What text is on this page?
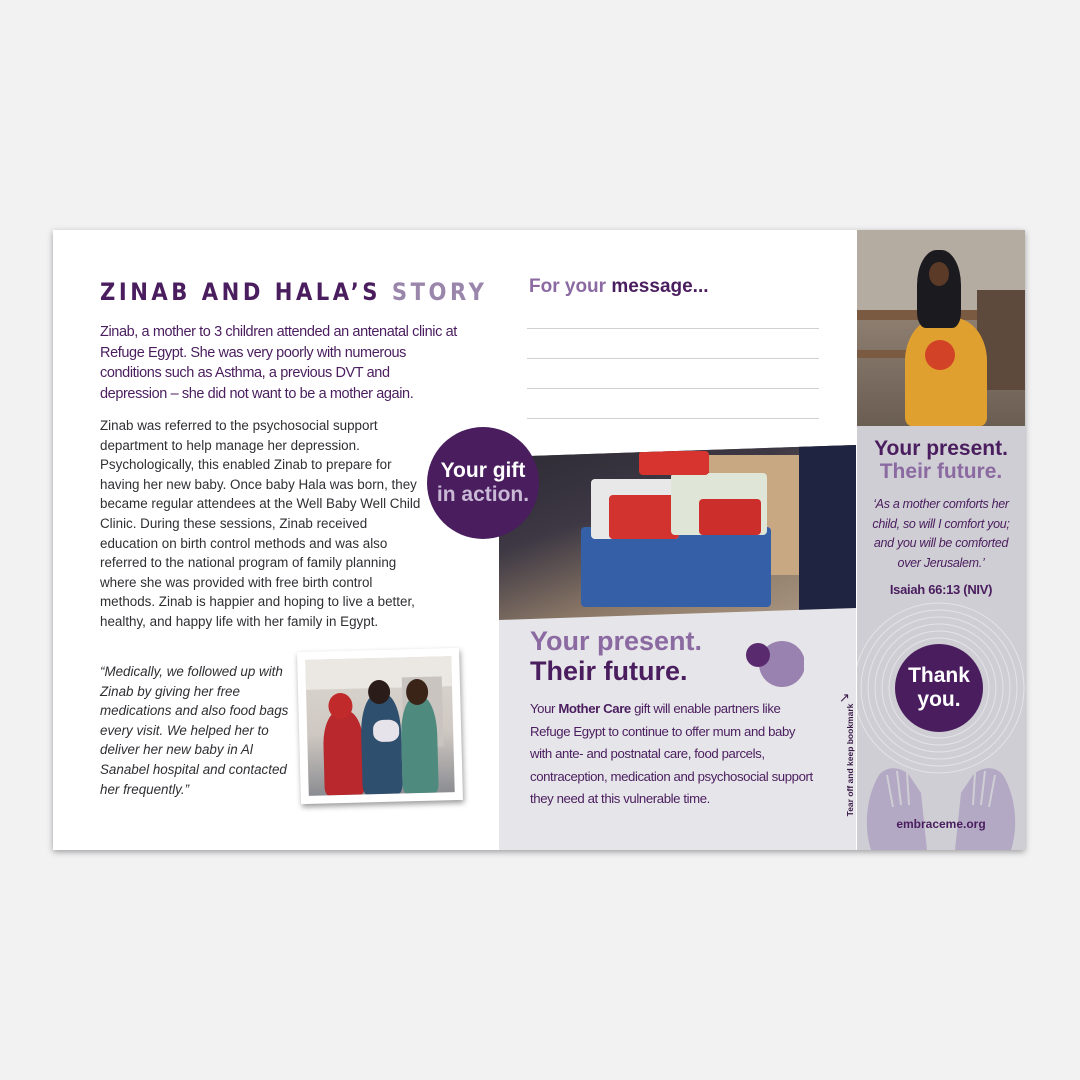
ZINAB AND HALA’S STORY
Zinab, a mother to 3 children attended an antenatal clinic at Refuge Egypt. She was very poorly with numerous conditions such as Asthma, a previous DVT and depression – she did not want to be a mother again.
Zinab was referred to the psychosocial support department to help manage her depression. Psychologically, this enabled Zinab to prepare for having her new baby. Once baby Hala was born, they became regular attendees at the Well Baby Well Child Clinic. During these sessions, Zinab received education on birth control methods and was also referred to the national program of family planning where she was provided with free birth control methods. Zinab is happier and hoping to live a better, healthy, and happy life with her family in Egypt.
“Medically, we followed up with Zinab by giving her free medications and also food bags every visit. We helped her to deliver her new baby in Al Sanabel hospital and contacted her frequently.”
For your message...
Your gift
in action.
Your present.
Their future.
Your Mother Care gift will enable partners like Refuge Egypt to continue to offer mum and baby with ante- and postnatal care, food parcels, contraception, medication and psychosocial support they need at this vulnerable time.
↗
Tear off and keep bookmark
Your present.
Their future.
‘As a mother comforts her child, so will I comfort you; and you will be comforted over Jerusalem.’
Isaiah 66:13 (NIV)
Thank
you.
embraceme.org
